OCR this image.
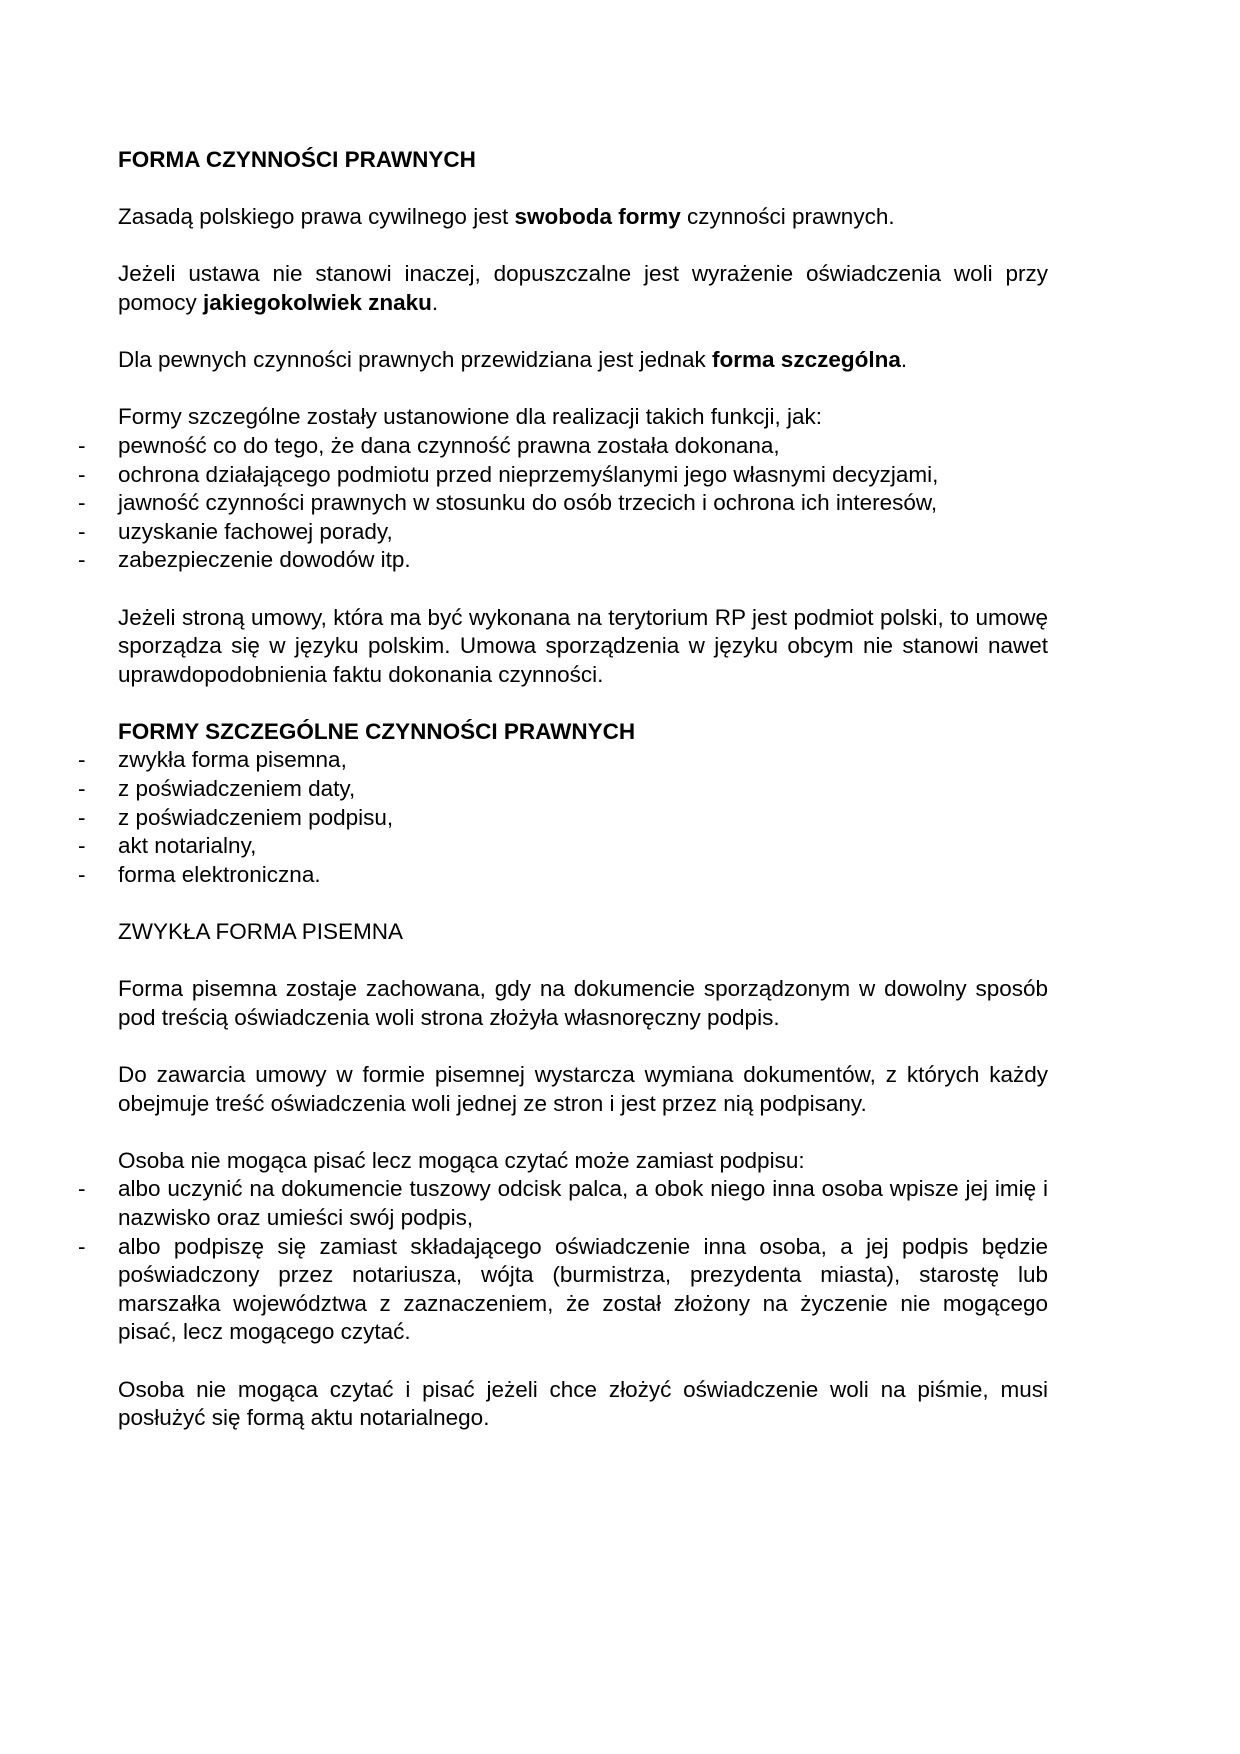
FORMA CZYNNOŚCI PRAWNYCH

Zasadą polskiego prawa cywilnego jest swoboda formy czynności prawnych.

Jeżeli ustawa nie stanowi inaczej, dopuszczalne jest wyrażenie oświadczenia woli przy pomocy jakiegokolwiek znaku.

Dla pewnych czynności prawnych przewidziana jest jednak forma szczególna.

Formy szczególne zostały ustanowione dla realizacji takich funkcji, jak:

- pewność co do tego, że dana czynność prawna została dokonana,
- ochrona działającego podmiotu przed nieprzemyślanymi jego własnymi decyzjami,
- jawność czynności prawnych w stosunku do osób trzecich i ochrona ich interesów,
- uzyskanie fachowej porady,
- zabezpieczenie dowodów itp.

Jeżeli stroną umowy, która ma być wykonana na terytorium RP jest podmiot polski, to umowę sporządza się w języku polskim. Umowa sporządzenia w języku obcym nie stanowi nawet uprawdopodobnienia faktu dokonania czynności.

FORMY SZCZEGÓLNE CZYNNOŚCI PRAWNYCH
- zwykła forma pisemna,
- z poświadczeniem daty,
- z poświadczeniem podpisu,
- akt notarialny,
- forma elektroniczna.

ZWYKŁA FORMA PISEMNA

Forma pisemna zostaje zachowana, gdy na dokumencie sporządzonym w dowolny sposób pod treścią oświadczenia woli strona złożyła własnoręczny podpis.

Do zawarcia umowy w formie pisemnej wystarcza wymiana dokumentów, z których każdy obejmuje treść oświadczenia woli jednej ze stron i jest przez nią podpisany.

Osoba nie mogąca pisać lecz mogąca czytać może zamiast podpisu:

- albo uczynić na dokumencie tuszowy odcisk palca, a obok niego inna osoba wpisze jej imię i nazwisko oraz umieści swój podpis,
- albo podpiszę się zamiast składającego oświadczenie inna osoba, a jej podpis będzie poświadczony przez notariusza, wójta (burmistrza, prezydenta miasta), starostę lub marszałka województwa z zaznaczeniem, że został złożony na życzenie nie mogącego pisać, lecz mogącego czytać.

Osoba nie mogąca czytać i pisać jeżeli chce złożyć oświadczenie woli na piśmie, musi posłużyć się formą aktu notarialnego.
